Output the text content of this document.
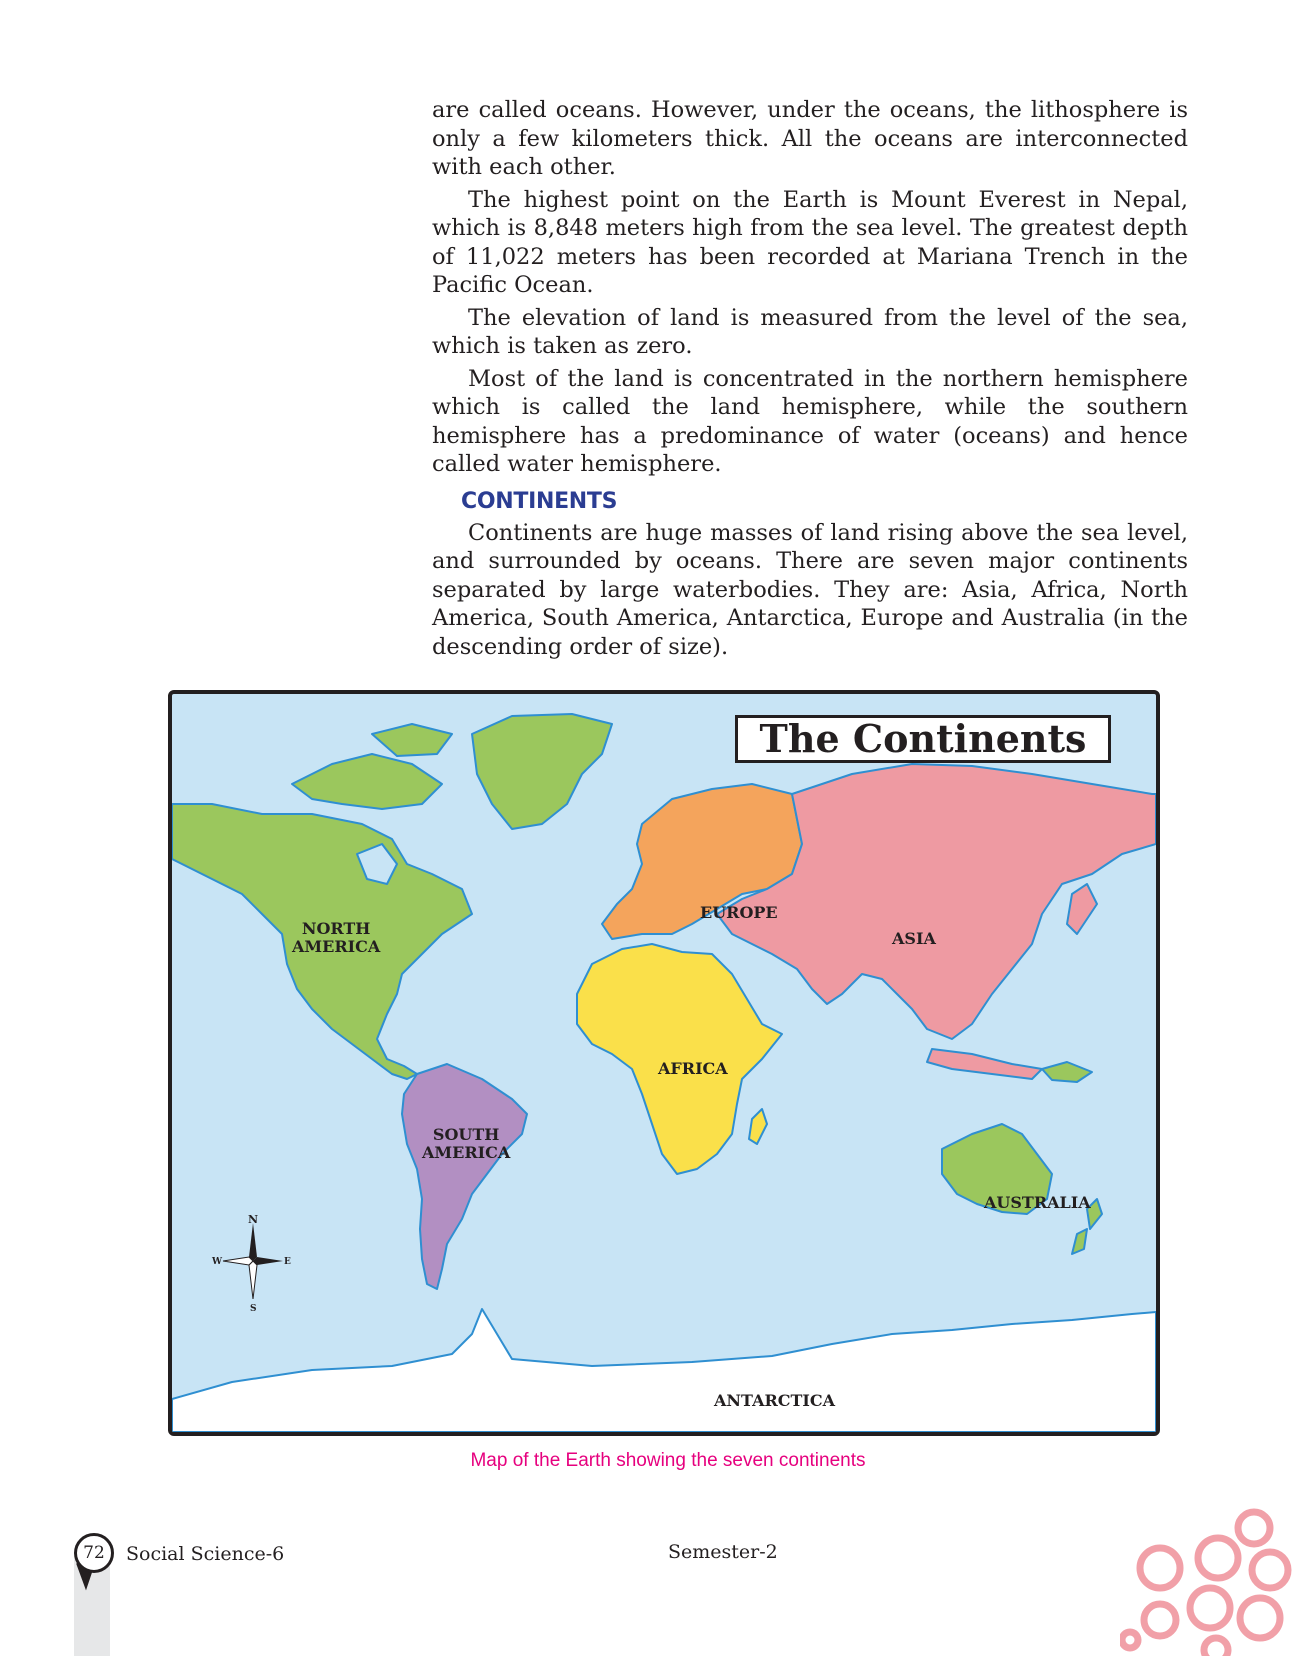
are called oceans. However, under the oceans, the lithosphere is only a few kilometers thick. All the oceans are interconnected with each other.

The highest point on the Earth is Mount Everest in Nepal, which is 8,848 meters high from the sea level. The greatest depth of 11,022 meters has been recorded at Mariana Trench in the Pacific Ocean.

The elevation of land is measured from the level of the sea, which is taken as zero.

Most of the land is concentrated in the northern hemisphere which is called the land hemisphere, while the southern hemisphere has a predominance of water (oceans) and hence called water hemisphere.

CONTINENTS

Continents are huge masses of land rising above the sea level, and surrounded by oceans. There are seven major continents separated by large waterbodies. They are: Asia, Africa, North America, South America, Antarctica, Europe and Australia (in the descending order of size).

The Continents
NORTH
AMERICA
SOUTH
AMERICA
EUROPE
ASIA
AFRICA
AUSTRALIA
ANTARCTICA
N
S
E
W
Map of the Earth showing the seven continents
72	Social Science-6	Semester-2
